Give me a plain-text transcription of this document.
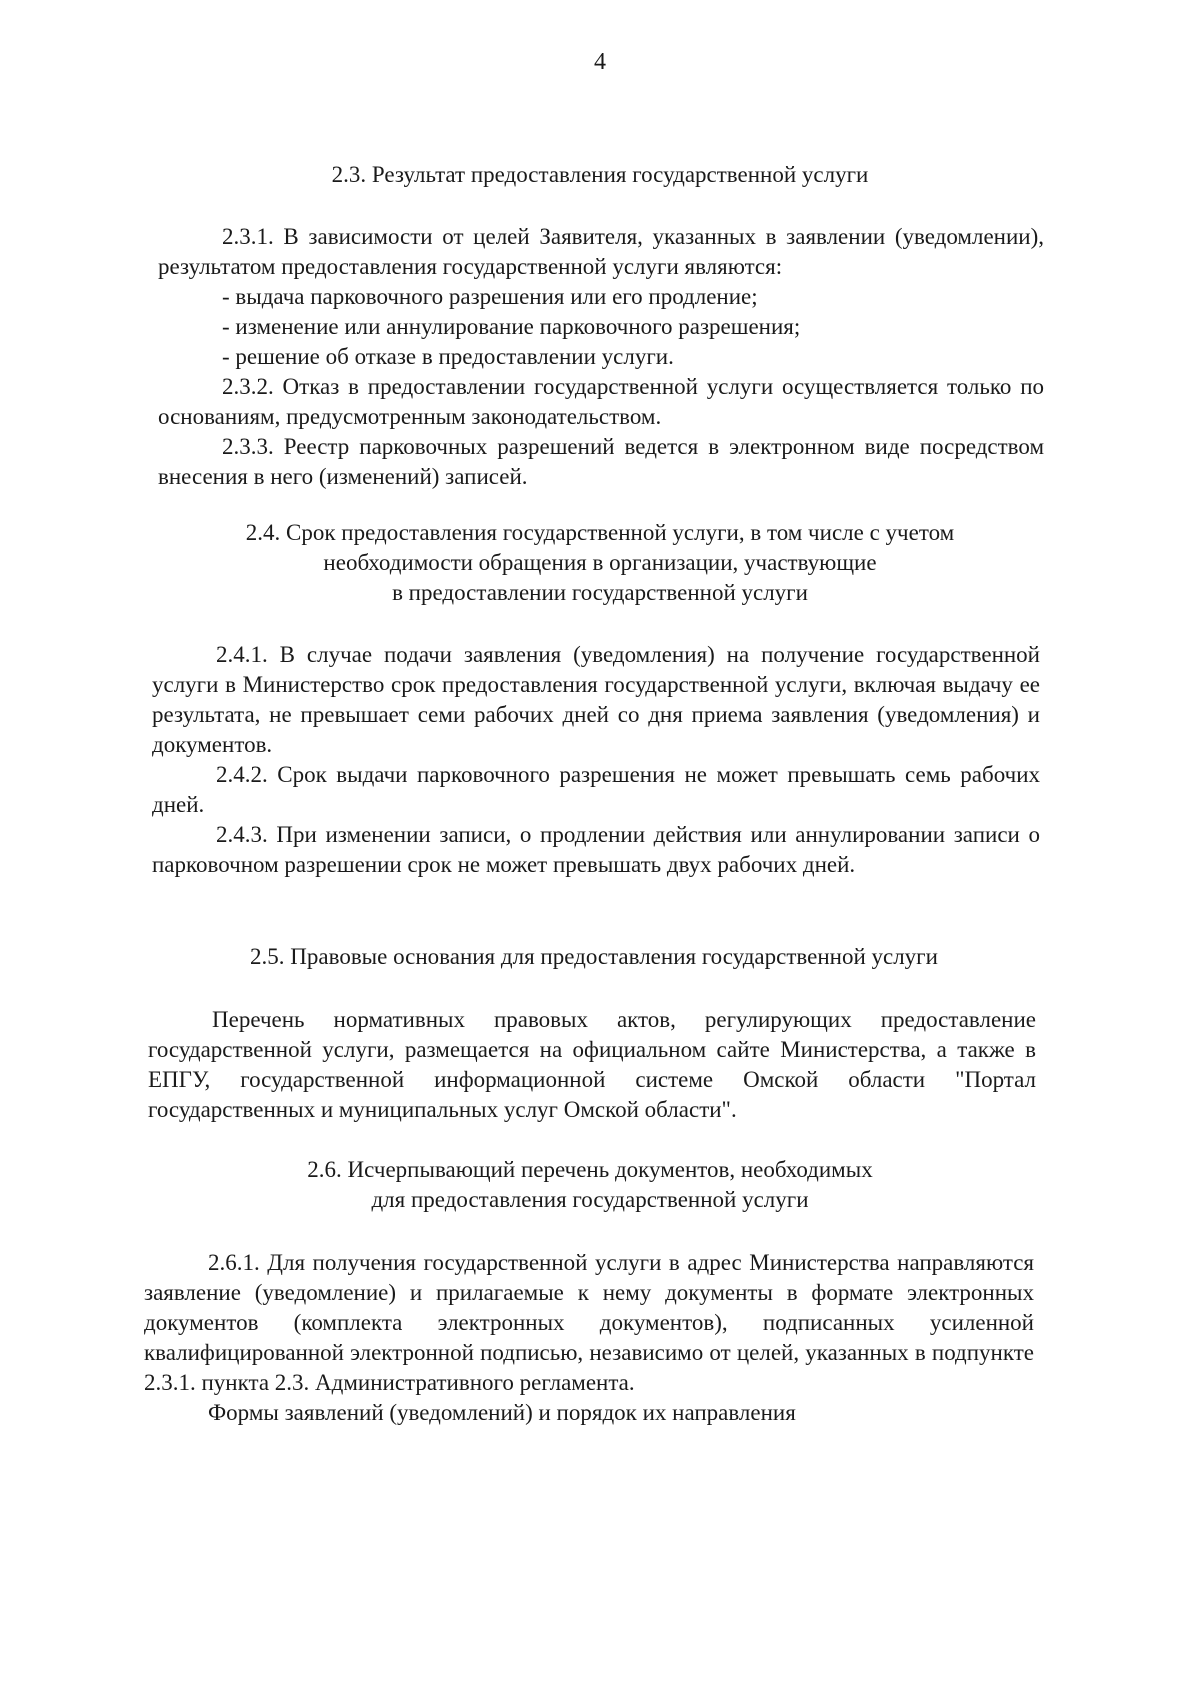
4
2.3. Результат предоставления государственной услуги

2.3.1. В зависимости от целей Заявителя, указанных в заявлении (уведомлении), результатом предоставления государственной услуги являются:

- выдача парковочного разрешения или его продление;

- изменение или аннулирование парковочного разрешения;

- решение об отказе в предоставлении услуги.

2.3.2. Отказ в предоставлении государственной услуги осуществляется только по основаниям, предусмотренным законодательством.

2.3.3. Реестр парковочных разрешений ведется в электронном виде посредством внесения в него (изменений) записей.

2.4. Срок предоставления государственной услуги, в том числе с учетом
необходимости обращения в организации, участвующие
в предоставлении государственной услуги

2.4.1. В случае подачи заявления (уведомления) на получение государственной услуги в Министерство срок предоставления государственной услуги, включая выдачу ее результата, не превышает семи рабочих дней со дня приема заявления (уведомления) и документов.

2.4.2. Срок выдачи парковочного разрешения не может превышать семь рабочих дней.

2.4.3. При изменении записи, о продлении действия или аннулировании записи о парковочном разрешении срок не может превышать двух рабочих дней.

2.5. Правовые основания для предоставления государственной услуги

Перечень нормативных правовых актов, регулирующих предоставление государственной услуги, размещается на официальном сайте Министерства, а также в ЕПГУ, государственной информационной системе Омской области "Портал государственных и муниципальных услуг Омской области".

2.6. Исчерпывающий перечень документов, необходимых
для предоставления государственной услуги

2.6.1. Для получения государственной услуги в адрес Министерства направляются заявление (уведомление) и прилагаемые к нему документы в формате электронных документов (комплекта электронных документов), подписанных усиленной квалифицированной электронной подписью, независимо от целей, указанных в подпункте 2.3.1. пункта 2.3. Административного регламента.

Формы заявлений (уведомлений) и порядок их направления
